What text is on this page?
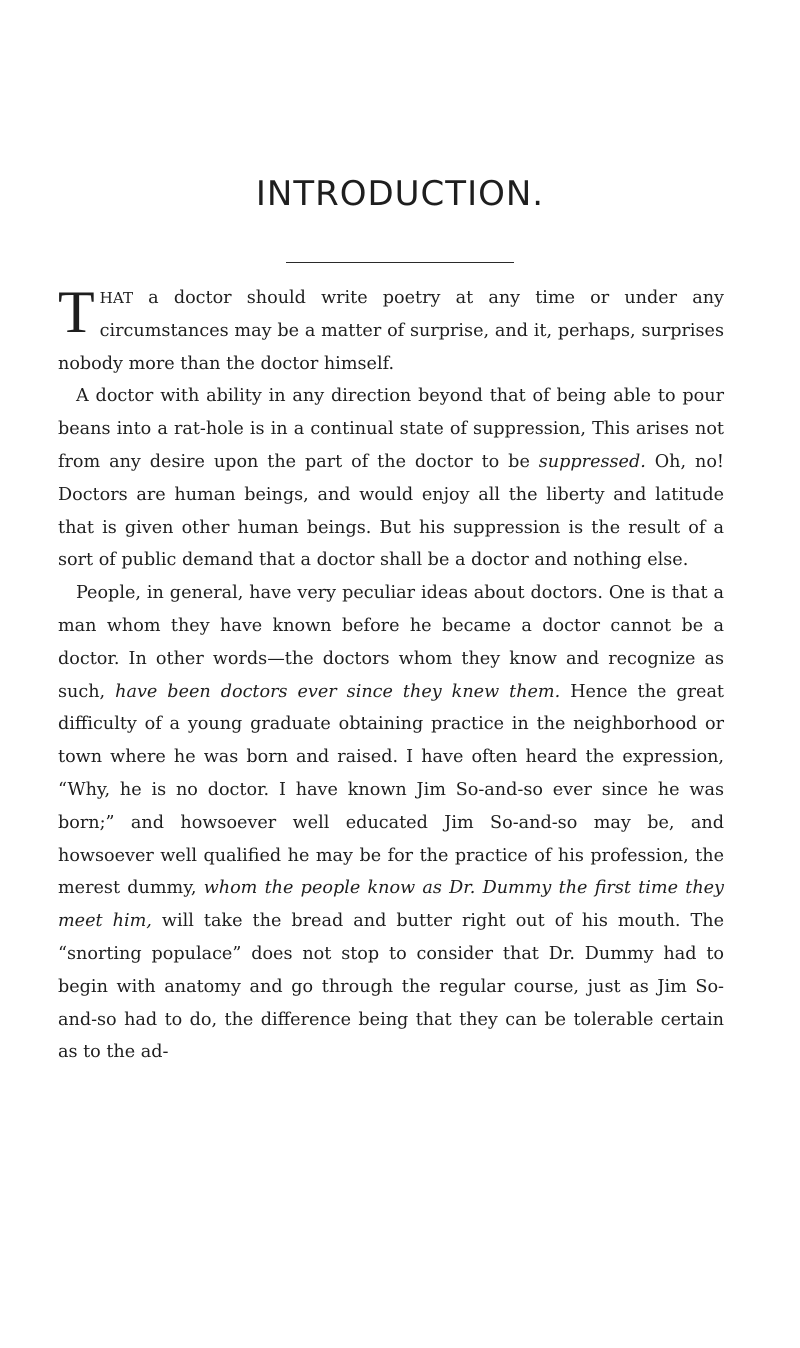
INTRODUCTION.

THAT a doctor should write poetry at any time or under any circumstances may be a matter of surprise, and it, perhaps, surprises nobody more than the doctor himself.

A doctor with ability in any direction beyond that of being able to pour beans into a rat-hole is in a continual state of suppression, This arises not from any desire upon the part of the doctor to be suppressed. Oh, no! Doctors are human beings, and would enjoy all the liberty and latitude that is given other human beings. But his suppression is the result of a sort of public demand that a doctor shall be a doctor and nothing else.

People, in general, have very peculiar ideas about doctors. One is that a man whom they have known before he became a doctor cannot be a doctor. In other words—the doctors whom they know and recognize as such, have been doctors ever since they knew them. Hence the great difficulty of a young graduate obtaining practice in the neighborhood or town where he was born and raised. I have often heard the expression, “Why, he is no doctor. I have known Jim So-and-so ever since he was born;” and howsoever well educated Jim So-and-so may be, and howsoever well qualified he may be for the practice of his profession, the merest dummy, whom the people know as Dr. Dummy the first time they meet him, will take the bread and butter right out of his mouth. The “snorting populace” does not stop to consider that Dr. Dummy had to begin with anatomy and go through the regular course, just as Jim So-and-so had to do, the difference being that they can be tolerable certain as to the ad-
